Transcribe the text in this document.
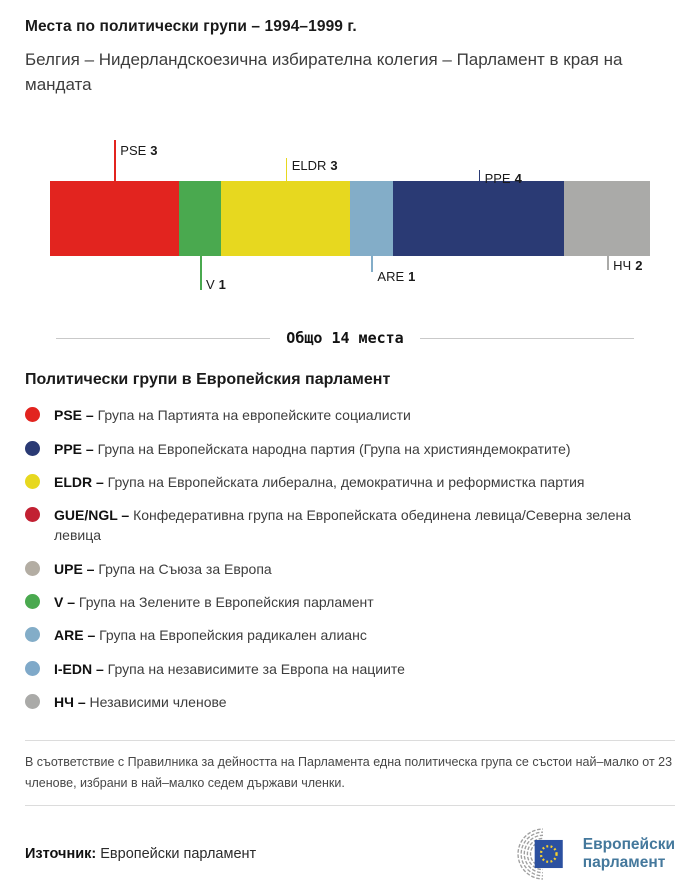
Места по политически групи – 1994–1999 г.

Белгия – Нидерландскоезична избирателна колегия – Парламент в края на мандата

PSE 3
V 1
ELDR 3
ARE 1
PPE 4
НЧ 2
Общо 14 места
Политически групи в Европейския парламент
PSE – Група на Партията на европейските социалисти
PPE – Група на Европейската народна партия (Група на християндемократите)
ELDR – Група на Европейската либерална, демократична и реформистка партия
GUE/NGL – Конфедеративна група на Европейската обединена левица/Северна зелена левица
UPE – Група на Съюза за Европа
V – Група на Зелените в Европейския парламент
ARE – Група на Европейския радикален алианс
I-EDN – Група на независимите за Европа на нациите
НЧ – Независими членове

В съответствие с Правилника за дейността на Парламента една политическа група се състои най–малко от 23 членове, избрани в най–малко седем държави членки.

Източник: Европейски парламент

Европейски
парламент
